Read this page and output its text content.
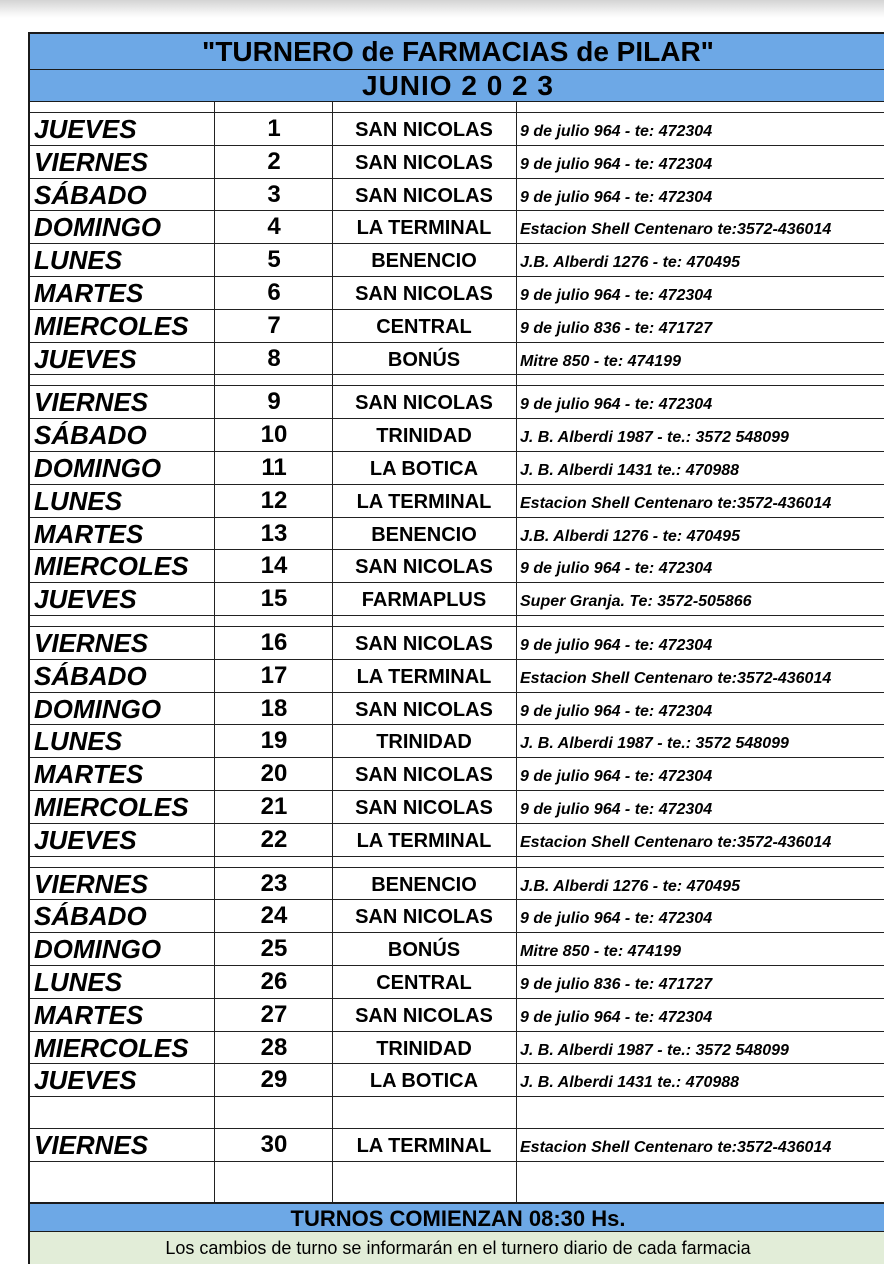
"TURNERO de FARMACIAS de PILAR"
JUNIO 2 0 2 3
JUEVES	1	SAN NICOLAS	9 de julio 964 - te: 472304
VIERNES	2	SAN NICOLAS	9 de julio 964 - te: 472304
SÁBADO	3	SAN NICOLAS	9 de julio 964 - te: 472304
DOMINGO	4	LA TERMINAL	Estacion Shell Centenaro te:3572-436014
LUNES	5	BENENCIO	J.B. Alberdi 1276 - te: 470495
MARTES	6	SAN NICOLAS	9 de julio 964 - te: 472304
MIERCOLES	7	CENTRAL	9 de julio 836 - te: 471727
JUEVES	8	BONÚS	Mitre 850 - te: 474199
VIERNES	9	SAN NICOLAS	9 de julio 964 - te: 472304
SÁBADO	10	TRINIDAD	J. B. Alberdi 1987 - te.: 3572 548099
DOMINGO	11	LA BOTICA	J. B. Alberdi 1431 te.: 470988
LUNES	12	LA TERMINAL	Estacion Shell Centenaro te:3572-436014
MARTES	13	BENENCIO	J.B. Alberdi 1276 - te: 470495
MIERCOLES	14	SAN NICOLAS	9 de julio 964 - te: 472304
JUEVES	15	FARMAPLUS	Super Granja. Te: 3572-505866
VIERNES	16	SAN NICOLAS	9 de julio 964 - te: 472304
SÁBADO	17	LA TERMINAL	Estacion Shell Centenaro te:3572-436014
DOMINGO	18	SAN NICOLAS	9 de julio 964 - te: 472304
LUNES	19	TRINIDAD	J. B. Alberdi 1987 - te.: 3572 548099
MARTES	20	SAN NICOLAS	9 de julio 964 - te: 472304
MIERCOLES	21	SAN NICOLAS	9 de julio 964 - te: 472304
JUEVES	22	LA TERMINAL	Estacion Shell Centenaro te:3572-436014
VIERNES	23	BENENCIO	J.B. Alberdi 1276 - te: 470495
SÁBADO	24	SAN NICOLAS	9 de julio 964 - te: 472304
DOMINGO	25	BONÚS	Mitre 850 - te: 474199
LUNES	26	CENTRAL	9 de julio 836 - te: 471727
MARTES	27	SAN NICOLAS	9 de julio 964 - te: 472304
MIERCOLES	28	TRINIDAD	J. B. Alberdi 1987 - te.: 3572 548099
JUEVES	29	LA BOTICA	J. B. Alberdi 1431 te.: 470988
VIERNES	30	LA TERMINAL	Estacion Shell Centenaro te:3572-436014
TURNOS COMIENZAN 08:30 Hs.
Los cambios de turno se informarán en el turnero diario de cada farmacia
